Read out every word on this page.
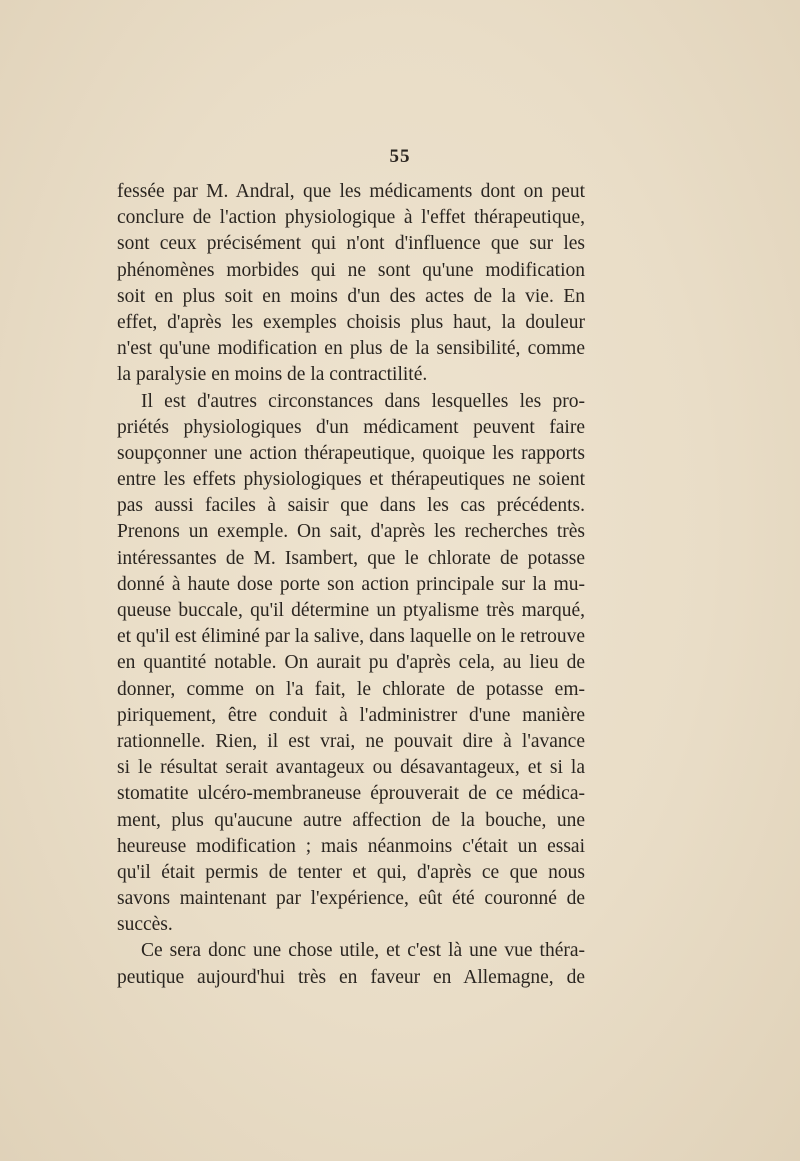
55
fessée par M. Andral, que les médicaments dont on peut
conclure de l'action physiologique à l'effet thérapeutique,
sont ceux précisément qui n'ont d'influence que sur les
phénomènes morbides qui ne sont qu'une modification
soit en plus soit en moins d'un des actes de la vie. En
effet, d'après les exemples choisis plus haut, la douleur
n'est qu'une modification en plus de la sensibilité, comme
la paralysie en moins de la contractilité.
Il est d'autres circonstances dans lesquelles les pro-
priétés physiologiques d'un médicament peuvent faire
soupçonner une action thérapeutique, quoique les rapports
entre les effets physiologiques et thérapeutiques ne soient
pas aussi faciles à saisir que dans les cas précédents.
Prenons un exemple. On sait, d'après les recherches très
intéressantes de M. Isambert, que le chlorate de potasse
donné à haute dose porte son action principale sur la mu-
queuse buccale, qu'il détermine un ptyalisme très marqué,
et qu'il est éliminé par la salive, dans laquelle on le retrouve
en quantité notable. On aurait pu d'après cela, au lieu de
donner, comme on l'a fait, le chlorate de potasse em-
piriquement, être conduit à l'administrer d'une manière
rationnelle. Rien, il est vrai, ne pouvait dire à l'avance
si le résultat serait avantageux ou désavantageux, et si la
stomatite ulcéro-membraneuse éprouverait de ce médica-
ment, plus qu'aucune autre affection de la bouche, une
heureuse modification ; mais néanmoins c'était un essai
qu'il était permis de tenter et qui, d'après ce que nous
savons maintenant par l'expérience, eût été couronné de
succès.
Ce sera donc une chose utile, et c'est là une vue théra-
peutique aujourd'hui très en faveur en Allemagne, de
